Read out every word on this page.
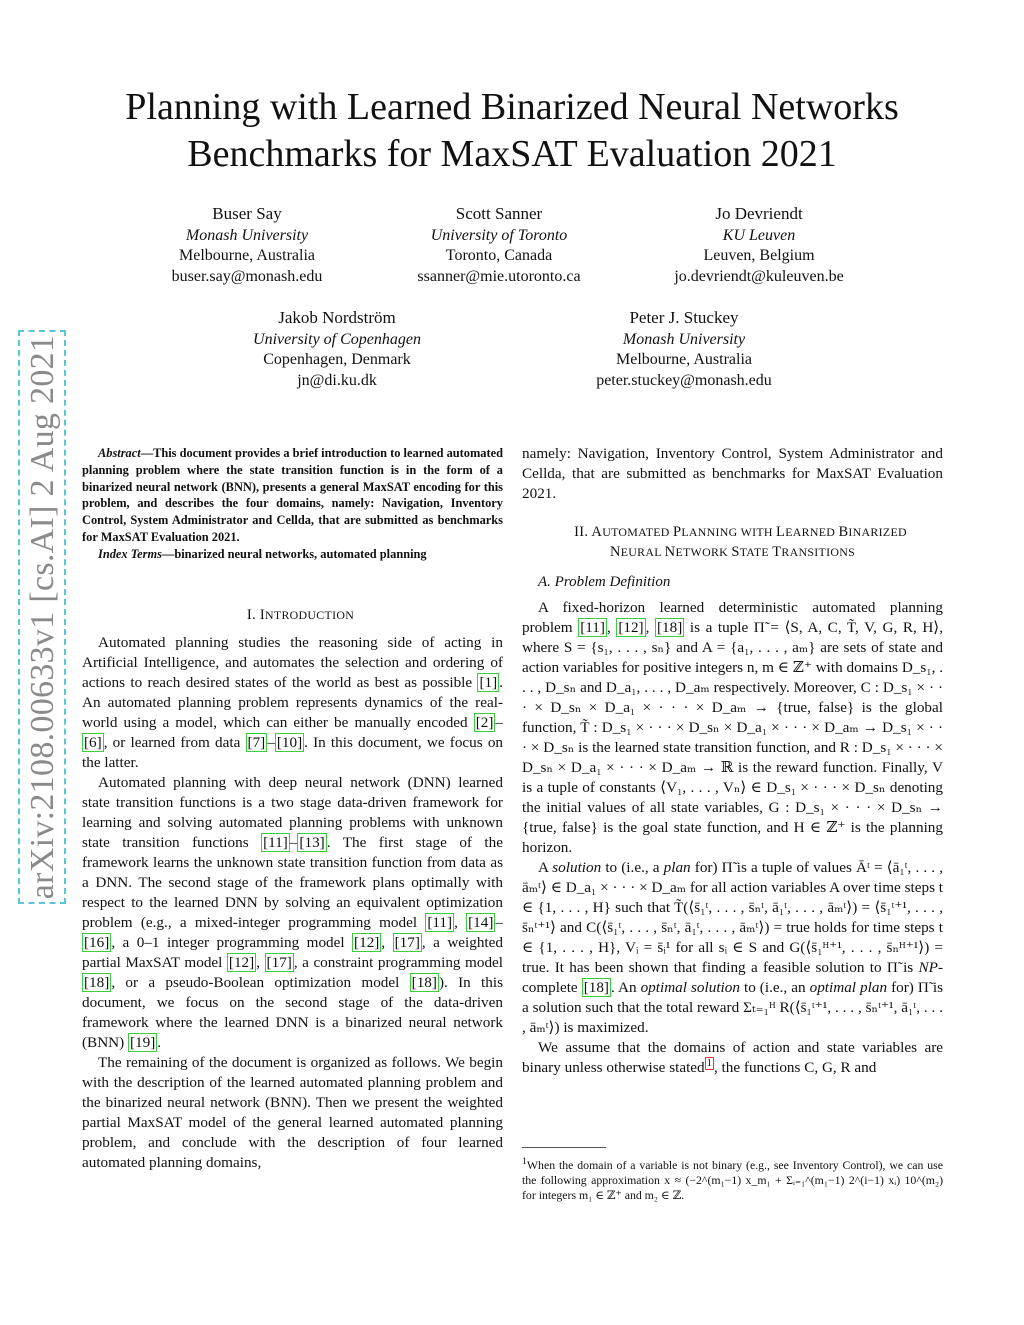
arXiv:2108.00633v1 [cs.AI] 2 Aug 2021
Planning with Learned Binarized Neural Networks
Benchmarks for MaxSAT Evaluation 2021
Buser Say
Monash University
Melbourne, Australia
buser.say@monash.edu
Scott Sanner
University of Toronto
Toronto, Canada
ssanner@mie.utoronto.ca
Jo Devriendt
KU Leuven
Leuven, Belgium
jo.devriendt@kuleuven.be
Jakob Nordström
University of Copenhagen
Copenhagen, Denmark
jn@di.ku.dk
Peter J. Stuckey
Monash University
Melbourne, Australia
peter.stuckey@monash.edu

Abstract—This document provides a brief introduction to learned automated planning problem where the state transition function is in the form of a binarized neural network (BNN), presents a general MaxSAT encoding for this problem, and describes the four domains, namely: Navigation, Inventory Control, System Administrator and Cellda, that are submitted as benchmarks for MaxSAT Evaluation 2021.

Index Terms—binarized neural networks, automated planning

I. INTRODUCTION

Automated planning studies the reasoning side of acting in Artificial Intelligence, and automates the selection and ordering of actions to reach desired states of the world as best as possible [1] . An automated planning problem represents dynamics of the real-world using a model, which can either be manually encoded [2] –[6] , or learned from data [7] – [10] . In this document, we focus on the latter.

Automated planning with deep neural network (DNN) learned state transition functions is a two stage data-driven framework for learning and solving automated planning problems with unknown state transition functions [11] – [13] . The first stage of the framework learns the unknown state transition function from data as a DNN. The second stage of the framework plans optimally with respect to the learned DNN by solving an equivalent optimization problem (e.g., a mixed-integer programming model [11] , [14] –[16] , a 0–1 integer programming model [12] , [17] , a weighted partial MaxSAT model [12] , [17] , a constraint programming model [18] , or a pseudo-Boolean optimization model [18] ). In this document, we focus on the second stage of the data-driven framework where the learned DNN is a binarized neural network (BNN) [19] .

The remaining of the document is organized as follows. We begin with the description of the learned automated planning problem and the binarized neural network (BNN). Then we present the weighted partial MaxSAT model of the general learned automated planning problem, and conclude with the description of four learned automated planning domains,

namely: Navigation, Inventory Control, System Administrator and Cellda, that are submitted as benchmarks for MaxSAT Evaluation 2021.

II. AUTOMATED PLANNING WITH LEARNED BINARIZED
NEURAL NETWORK STATE TRANSITIONS

A. Problem Definition

A fixed-horizon learned deterministic automated planning problem [11] , [12] , [18] is a tuple Π̃ = ⟨S, A, C, T̃, V, G, R, H⟩, where S = {s₁, . . . , sₙ} and A = {a₁, . . . , aₘ} are sets of state and action variables for positive integers n, m ∈ ℤ⁺ with domains D_s₁, . . . , D_sₙ and D_a₁, . . . , D_aₘ respectively. Moreover, C : D_s₁ × · · · × D_sₙ × D_a₁ × · · · × D_aₘ → {true, false} is the global function, T̃ : D_s₁ × · · · × D_sₙ × D_a₁ × · · · × D_aₘ → D_s₁ × · · · × D_sₙ is the learned state transition function, and R : D_s₁ × · · · × D_sₙ × D_a₁ × · · · × D_aₘ → ℝ is the reward function. Finally, V is a tuple of constants ⟨V₁, . . . , Vₙ⟩ ∈ D_s₁ × · · · × D_sₙ denoting the initial values of all state variables, G : D_s₁ × · · · × D_sₙ → {true, false} is the goal state function, and H ∈ ℤ⁺ is the planning horizon.

A solution to (i.e., a plan for) Π̃ is a tuple of values Āᵗ = ⟨ā₁ᵗ, . . . , āₘᵗ⟩ ∈ D_a₁ × · · · × D_aₘ for all action variables A over time steps t ∈ {1, . . . , H} such that T̃(⟨s̄₁ᵗ, . . . , s̄ₙᵗ, ā₁ᵗ, . . . , āₘᵗ⟩) = ⟨s̄₁ᵗ⁺¹, . . . , s̄ₙᵗ⁺¹⟩ and C(⟨s̄₁ᵗ, . . . , s̄ₙᵗ, ā₁ᵗ, . . . , āₘᵗ⟩) = true holds for time steps t ∈ {1, . . . , H}, Vᵢ = s̄ᵢ¹ for all sᵢ ∈ S and G(⟨s̄₁ᴴ⁺¹, . . . , s̄ₙᴴ⁺¹⟩) = true. It has been shown that finding a feasible solution to Π̃ is NP-complete [18] . An optimal solution to (i.e., an optimal plan for) Π̃ is a solution such that the total reward Σₜ₌₁ᴴ R(⟨s̄₁ᵗ⁺¹, . . . , s̄ₙᵗ⁺¹, ā₁ᵗ, . . . , āₘᵗ⟩) is maximized.

We assume that the domains of action and state variables are binary unless otherwise stated $^1$ , the functions C, G, R and

$^1$When the domain of a variable is not binary (e.g., see Inventory Control), we can use the following approximation x ≈ (−2^(m₁−1) x_m₁ + Σᵢ₌₁^(m₁−1) 2^(i−1) xᵢ) 10^(m₂) for integers m₁ ∈ ℤ⁺ and m₂ ∈ ℤ.
